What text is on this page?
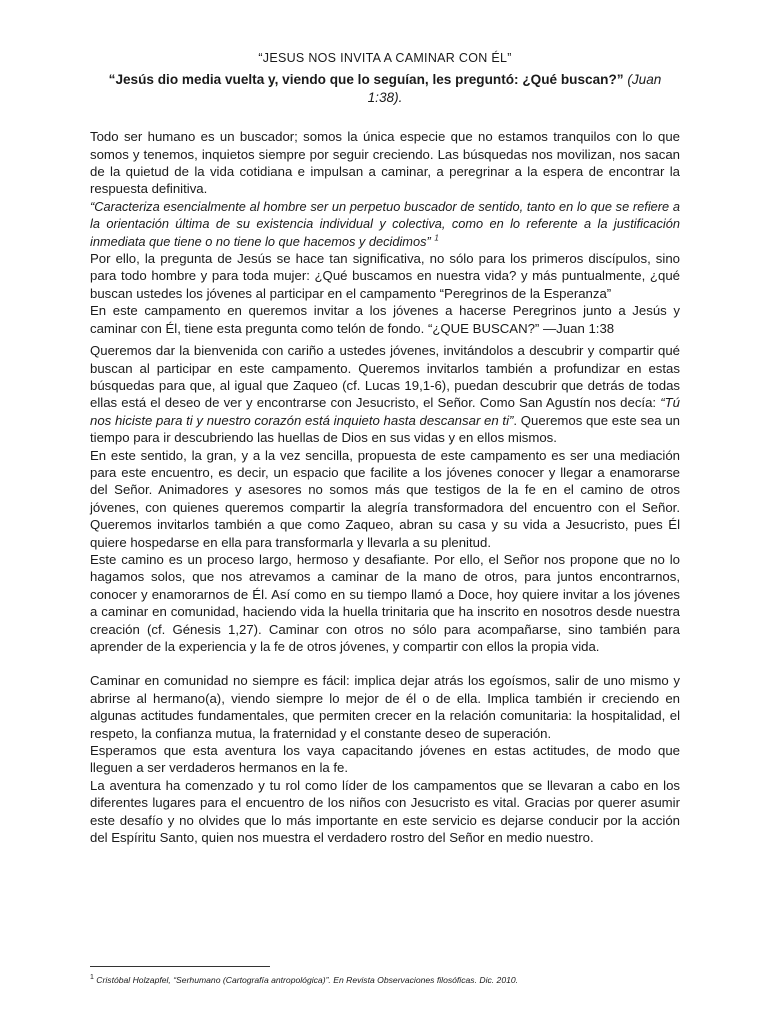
“JESUS NOS INVITA A CAMINAR CON ÉL”

“Jesús dio media vuelta y, viendo que lo seguían, les preguntó: ¿Qué buscan?” (Juan 1:38).

Todo ser humano es un buscador; somos la única especie que no estamos tranquilos con lo que somos y tenemos, inquietos siempre por seguir creciendo. Las búsquedas nos movilizan, nos sacan de la quietud de la vida cotidiana e impulsan a caminar, a peregrinar a la espera de encontrar la respuesta definitiva.

“Caracteriza esencialmente al hombre ser un perpetuo buscador de sentido, tanto en lo que se refiere a la orientación última de su existencia individual y colectiva, como en lo referente a la justificación inmediata que tiene o no tiene lo que hacemos y decidimos” $^1$

Por ello, la pregunta de Jesús se hace tan significativa, no sólo para los primeros discípulos, sino para todo hombre y para toda mujer: ¿Qué buscamos en nuestra vida? y más puntualmente, ¿qué buscan ustedes los jóvenes al participar en el campamento “Peregrinos de la Esperanza”

En este campamento en queremos invitar a los jóvenes a hacerse Peregrinos junto a Jesús y caminar con Él, tiene esta pregunta como telón de fondo. “¿QUE BUSCAN?” —Juan 1:38

Queremos dar la bienvenida con cariño a ustedes jóvenes, invitándolos a descubrir y compartir qué buscan al participar en este campamento. Queremos invitarlos también a profundizar en estas búsquedas para que, al igual que Zaqueo (cf. Lucas 19,1-6), puedan descubrir que detrás de todas ellas está el deseo de ver y encontrarse con Jesucristo, el Señor. Como San Agustín nos decía: “Tú nos hiciste para ti y nuestro corazón está inquieto hasta descansar en ti”. Queremos que este sea un tiempo para ir descubriendo las huellas de Dios en sus vidas y en ellos mismos.

En este sentido, la gran, y a la vez sencilla, propuesta de este campamento es ser una mediación para este encuentro, es decir, un espacio que facilite a los jóvenes conocer y llegar a enamorarse del Señor. Animadores y asesores no somos más que testigos de la fe en el camino de otros jóvenes, con quienes queremos compartir la alegría transformadora del encuentro con el Señor. Queremos invitarlos también a que como Zaqueo, abran su casa y su vida a Jesucristo, pues Él quiere hospedarse en ella para transformarla y llevarla a su plenitud.

Este camino es un proceso largo, hermoso y desafiante. Por ello, el Señor nos propone que no lo hagamos solos, que nos atrevamos a caminar de la mano de otros, para juntos encontrarnos, conocer y enamorarnos de Él. Así como en su tiempo llamó a Doce, hoy quiere invitar a los jóvenes a caminar en comunidad, haciendo vida la huella trinitaria que ha inscrito en nosotros desde nuestra creación (cf. Génesis 1,27). Caminar con otros no sólo para acompañarse, sino también para aprender de la experiencia y la fe de otros jóvenes, y compartir con ellos la propia vida.

Caminar en comunidad no siempre es fácil: implica dejar atrás los egoísmos, salir de uno mismo y abrirse al hermano(a), viendo siempre lo mejor de él o de ella. Implica también ir creciendo en algunas actitudes fundamentales, que permiten crecer en la relación comunitaria: la hospitalidad, el respeto, la confianza mutua, la fraternidad y el constante deseo de superación.

Esperamos que esta aventura los vaya capacitando jóvenes en estas actitudes, de modo que lleguen a ser verdaderos hermanos en la fe.

La aventura ha comenzado y tu rol como líder de los campamentos que se llevaran a cabo en los diferentes lugares para el encuentro de los niños con Jesucristo es vital. Gracias por querer asumir este desafío y no olvides que lo más importante en este servicio es dejarse conducir por la acción del Espíritu Santo, quien nos muestra el verdadero rostro del Señor en medio nuestro.

$^1$ Cristóbal Holzapfel, “Serhumano (Cartografía antropológica)”. En Revista Observaciones filosóficas. Dic. 2010.
